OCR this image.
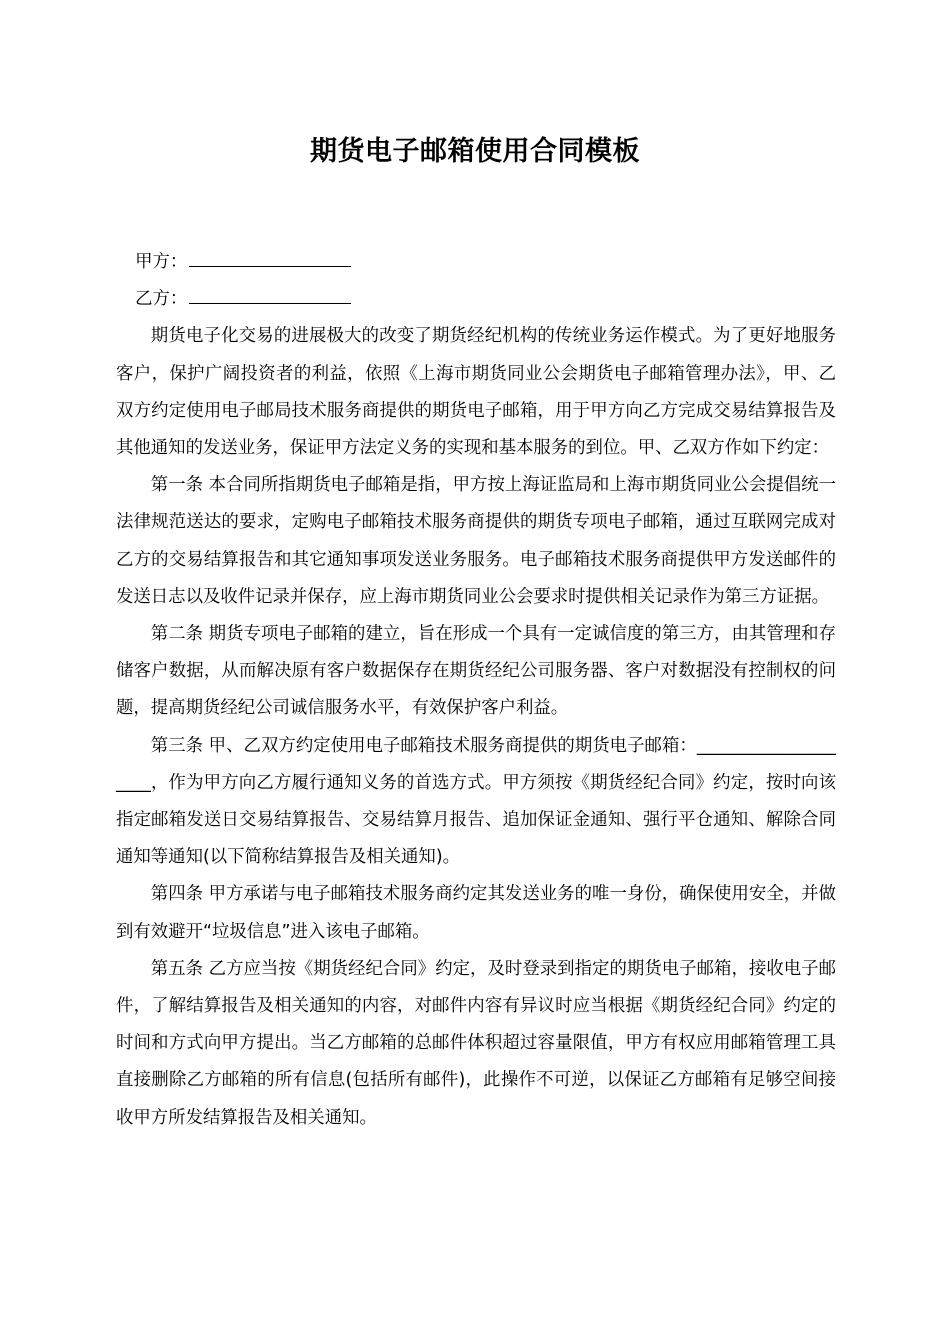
期货电子邮箱使用合同模板

甲方：

乙方：

期货电子化交易的进展极大的改变了期货经纪机构的传统业务运作模式。为了更好地服务客户，保护广阔投资者的利益，依照《上海市期货同业公会期货电子邮箱管理办法》，甲、乙双方约定使用电子邮局技术服务商提供的期货电子邮箱，用于甲方向乙方完成交易结算报告及其他通知的发送业务，保证甲方法定义务的实现和基本服务的到位。甲、乙双方作如下约定：

第一条 本合同所指期货电子邮箱是指，甲方按上海证监局和上海市期货同业公会提倡统一法律规范送达的要求，定购电子邮箱技术服务商提供的期货专项电子邮箱，通过互联网完成对乙方的交易结算报告和其它通知事项发送业务服务。电子邮箱技术服务商提供甲方发送邮件的发送日志以及收件记录并保存，应上海市期货同业公会要求时提供相关记录作为第三方证据。

第二条 期货专项电子邮箱的建立，旨在形成一个具有一定诚信度的第三方，由其管理和存储客户数据，从而解决原有客户数据保存在期货经纪公司服务器、客户对数据没有控制权的问题，提高期货经纪公司诚信服务水平，有效保护客户利益。

第三条 甲、乙双方约定使用电子邮箱技术服务商提供的期货电子邮箱：____________________，作为甲方向乙方履行通知义务的首选方式。甲方须按《期货经纪合同》约定，按时向该指定邮箱发送日交易结算报告、交易结算月报告、追加保证金通知、强行平仓通知、解除合同通知等通知(以下简称结算报告及相关通知)。

第四条 甲方承诺与电子邮箱技术服务商约定其发送业务的唯一身份，确保使用安全，并做到有效避开“垃圾信息”进入该电子邮箱。

第五条 乙方应当按《期货经纪合同》约定，及时登录到指定的期货电子邮箱，接收电子邮件，了解结算报告及相关通知的内容，对邮件内容有异议时应当根据《期货经纪合同》约定的时间和方式向甲方提出。当乙方邮箱的总邮件体积超过容量限值，甲方有权应用邮箱管理工具直接删除乙方邮箱的所有信息(包括所有邮件)，此操作不可逆，以保证乙方邮箱有足够空间接收甲方所发结算报告及相关通知。
